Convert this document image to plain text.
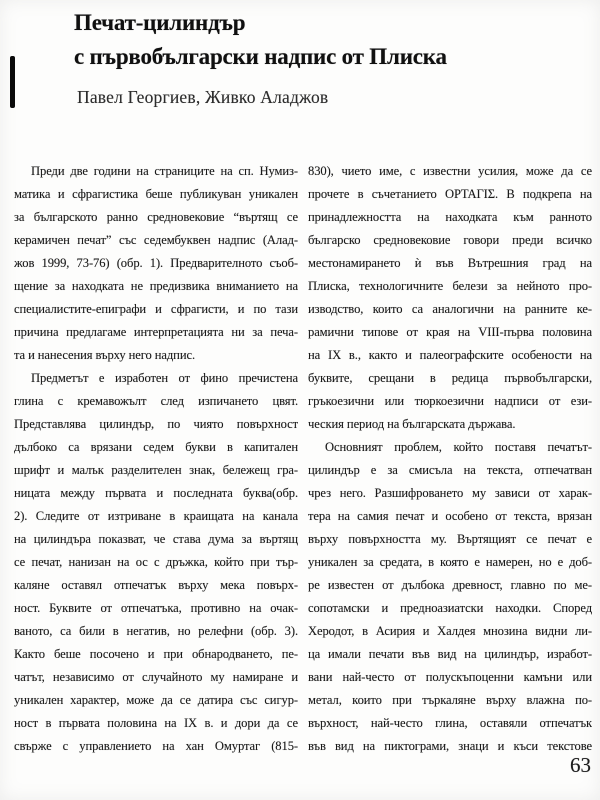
Печат-цилиндър
с първобългарски надпис от Плиска
Павел Георгиев, Живко Аладжов
Преди две години на страниците на сп. Нумиз-
матика и сфрагистика беше публикуван уникален
за българското ранно средновековие “въртящ се
керамичен печат” със седембуквен надпис (Алад-
жов 1999, 73-76) (обр. 1). Предварителното съоб-
щение за находката не предизвика вниманието на
специалистите-епиграфи и сфрагисти, и по тази
причина предлагаме интерпретацията ни за печа-
та и нанесения върху него надпис.
Предметът е изработен от фино пречистена
глина с кремавожълт след изпичането цвят.
Представлява цилиндър, по чиято повърхност
дълбоко са врязани седем букви в капитален
шрифт и малък разделителен знак, бележещ гра-
ницата между първата и последната буква(обр.
2). Следите от изтриване в краищата на канала
на цилиндъра показват, че става дума за въртящ
се печат, нанизан на ос с дръжка, който при тър-
каляне оставял отпечатък върху мека повърх-
ност. Буквите от отпечатъка, противно на очак-
ваното, са били в негатив, но релефни (обр. 3).
Както беше посочено и при обнародването, пе-
чатът, независимо от случайното му намиране и
уникален характер, може да се датира със сигур-
ност в първата половина на IX в. и дори да се
свърже с управлението на хан Омуртаг (815-
830), чието име, с известни усилия, може да се
прочете в съчетанието ΟΡΤΑΓΙΣ. В подкрепа на
принадлежността на находката към ранното
българско средновековие говори преди всичко
местонамирането ѝ във Вътрешния град на
Плиска, технологичните белези за нейното про-
изводство, които са аналогични на ранните ке-
рамични типове от края на VIII-първа половина
на IX в., както и палеографските особености на
буквите, срещани в редица първобългарски,
гръкоезични или тюркоезични надписи от ези-
ческия период на българската държава.
Основният проблем, който поставя печатът-
цилиндър е за смисъла на текста, отпечатван
чрез него. Разшифроването му зависи от харак-
тера на самия печат и особено от текста, врязан
върху повърхността му. Въртящият се печат е
уникален за средата, в която е намерен, но е доб-
ре известен от дълбока древност, главно по ме-
сопотамски и предноазиатски находки. Според
Херодот, в Асирия и Халдея мнозина видни ли-
ца имали печати във вид на цилиндър, изработ-
вани най-често от полускъпоценни камъни или
метал, които при търкаляне върху влажна по-
върхност, най-често глина, оставяли отпечатък
във вид на пиктограми, знаци и къси текстове
63
